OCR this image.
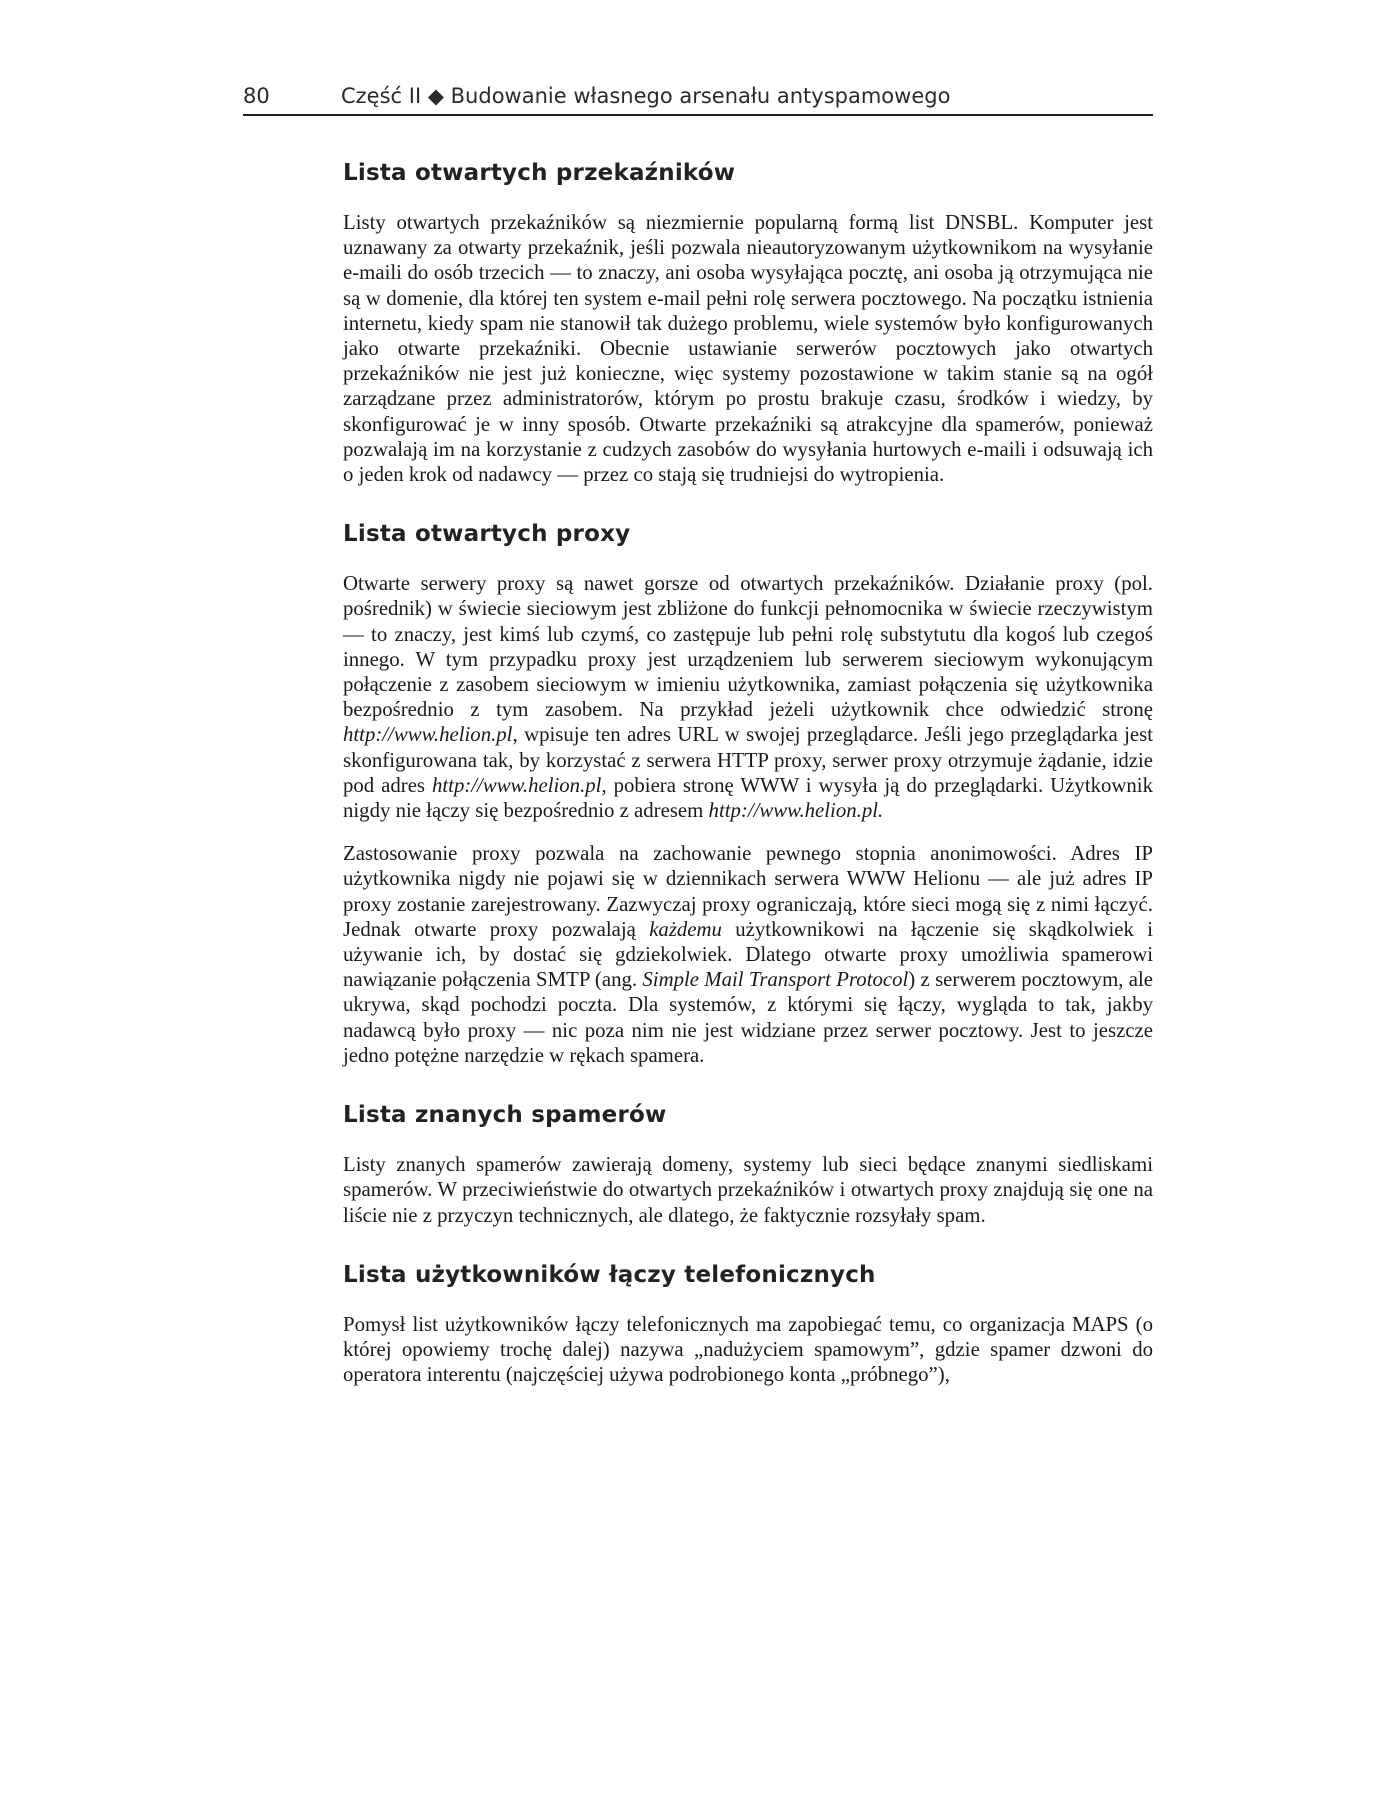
80	Część II ◆ Budowanie własnego arsenału antyspamowego
Lista otwartych przekaźników

Listy otwartych przekaźników są niezmiernie popularną formą list DNSBL. Komputer jest uznawany za otwarty przekaźnik, jeśli pozwala nieautoryzowanym użytkownikom na wysyłanie e-maili do osób trzecich — to znaczy, ani osoba wysyłająca pocztę, ani osoba ją otrzymująca nie są w domenie, dla której ten system e-mail pełni rolę serwera pocztowego. Na początku istnienia internetu, kiedy spam nie stanowił tak dużego problemu, wiele systemów było konfigurowanych jako otwarte przekaźniki. Obecnie ustawianie serwerów pocztowych jako otwartych przekaźników nie jest już konieczne, więc systemy pozostawione w takim stanie są na ogół zarządzane przez administratorów, którym po prostu brakuje czasu, środków i wiedzy, by skonfigurować je w inny sposób. Otwarte przekaźniki są atrakcyjne dla spamerów, ponieważ pozwalają im na korzystanie z cudzych zasobów do wysyłania hurtowych e-maili i odsuwają ich o jeden krok od nadawcy — przez co stają się trudniejsi do wytropienia.

Lista otwartych proxy

Otwarte serwery proxy są nawet gorsze od otwartych przekaźników. Działanie proxy (pol. pośrednik) w świecie sieciowym jest zbliżone do funkcji pełnomocnika w świecie rzeczywistym — to znaczy, jest kimś lub czymś, co zastępuje lub pełni rolę substytutu dla kogoś lub czegoś innego. W tym przypadku proxy jest urządzeniem lub serwerem sieciowym wykonującym połączenie z zasobem sieciowym w imieniu użytkownika, zamiast połączenia się użytkownika bezpośrednio z tym zasobem. Na przykład jeżeli użytkownik chce odwiedzić stronę http://www.helion.pl, wpisuje ten adres URL w swojej przeglądarce. Jeśli jego przeglądarka jest skonfigurowana tak, by korzystać z serwera HTTP proxy, serwer proxy otrzymuje żądanie, idzie pod adres http://www.helion.pl, pobiera stronę WWW i wysyła ją do przeglądarki. Użytkownik nigdy nie łączy się bezpośrednio z adresem http://www.helion.pl.

Zastosowanie proxy pozwala na zachowanie pewnego stopnia anonimowości. Adres IP użytkownika nigdy nie pojawi się w dziennikach serwera WWW Helionu — ale już adres IP proxy zostanie zarejestrowany. Zazwyczaj proxy ograniczają, które sieci mogą się z nimi łączyć. Jednak otwarte proxy pozwalają każdemu użytkownikowi na łączenie się skądkolwiek i używanie ich, by dostać się gdziekolwiek. Dlatego otwarte proxy umożliwia spamerowi nawiązanie połączenia SMTP (ang. Simple Mail Transport Protocol) z serwerem pocztowym, ale ukrywa, skąd pochodzi poczta. Dla systemów, z którymi się łączy, wygląda to tak, jakby nadawcą było proxy — nic poza nim nie jest widziane przez serwer pocztowy. Jest to jeszcze jedno potężne narzędzie w rękach spamera.

Lista znanych spamerów

Listy znanych spamerów zawierają domeny, systemy lub sieci będące znanymi siedliskami spamerów. W przeciwieństwie do otwartych przekaźników i otwartych proxy znajdują się one na liście nie z przyczyn technicznych, ale dlatego, że faktycznie rozsyłały spam.

Lista użytkowników łączy telefonicznych

Pomysł list użytkowników łączy telefonicznych ma zapobiegać temu, co organizacja MAPS (o której opowiemy trochę dalej) nazywa „nadużyciem spamowym”, gdzie spamer dzwoni do operatora interentu (najczęściej używa podrobionego konta „próbnego”),
